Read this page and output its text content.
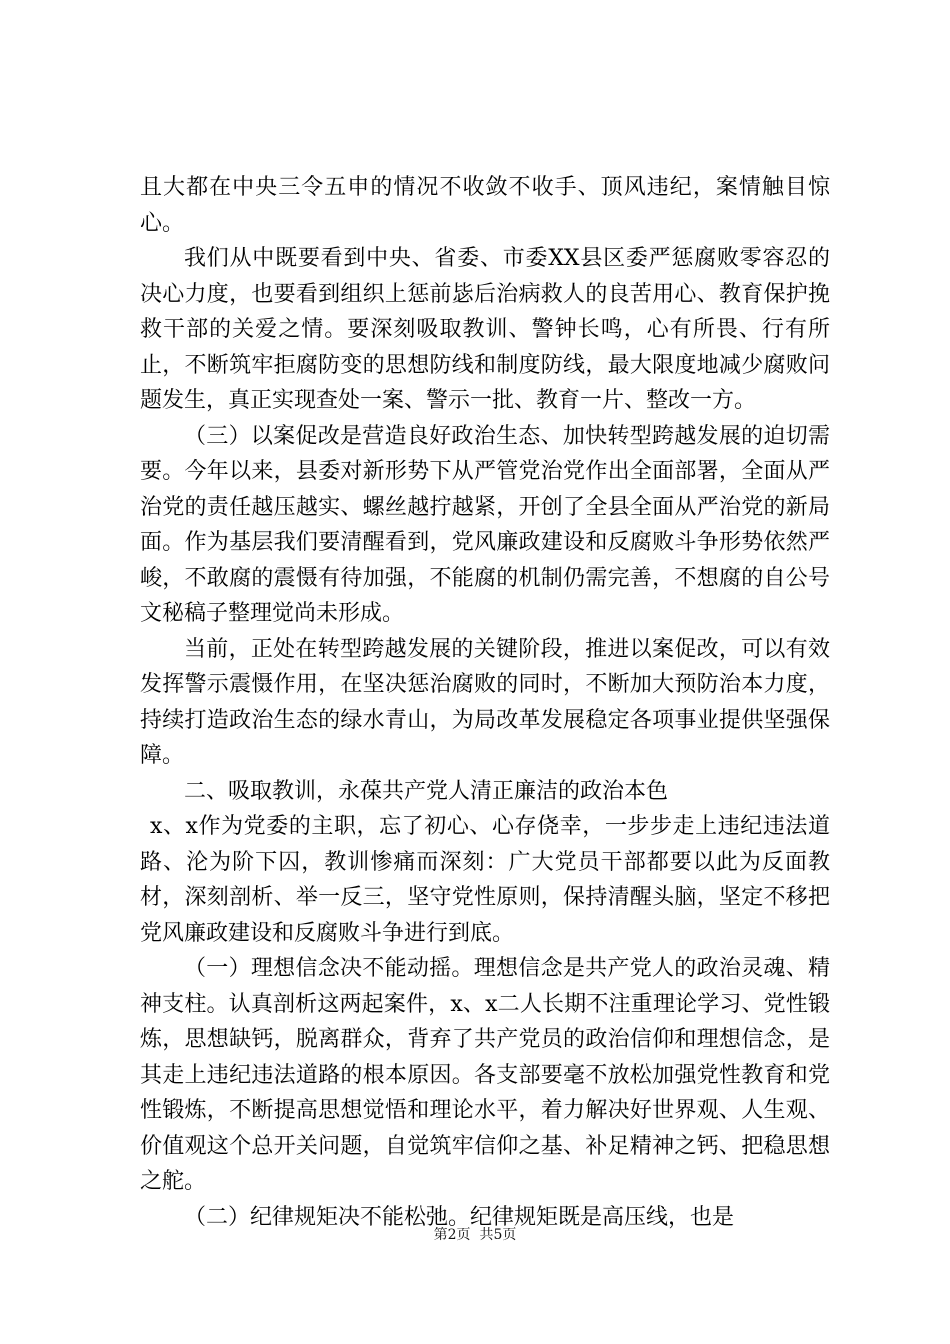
且大都在中央三令五申的情况不收敛不收手、顶风违纪，案情触目惊心。

我们从中既要看到中央、省委、市委XX县区委严惩腐败零容忍的决心力度，也要看到组织上惩前毖后治病救人的良苦用心、教育保护挽救干部的关爱之情。要深刻吸取教训、警钟长鸣，心有所畏、行有所止，不断筑牢拒腐防变的思想防线和制度防线，最大限度地减少腐败问题发生，真正实现查处一案、警示一批、教育一片、整改一方。

（三）以案促改是营造良好政治生态、加快转型跨越发展的迫切需要。今年以来，县委对新形势下从严管党治党作出全面部署，全面从严治党的责任越压越实、螺丝越拧越紧，开创了全县全面从严治党的新局面。作为基层我们要清醒看到，党风廉政建设和反腐败斗争形势依然严峻，不敢腐的震慑有待加强，不能腐的机制仍需完善，不想腐的自公号文秘稿子整理觉尚未形成。

当前，正处在转型跨越发展的关键阶段，推进以案促改，可以有效发挥警示震慑作用，在坚决惩治腐败的同时，不断加大预防治本力度，持续打造政治生态的绿水青山，为局改革发展稳定各项事业提供坚强保障。

二、吸取教训，永葆共产党人清正廉洁的政治本色

x、x作为党委的主职，忘了初心、心存侥幸，一步步走上违纪违法道路、沦为阶下囚，教训惨痛而深刻：广大党员干部都要以此为反面教材，深刻剖析、举一反三，坚守党性原则，保持清醒头脑，坚定不移把党风廉政建设和反腐败斗争进行到底。

（一）理想信念决不能动摇。理想信念是共产党人的政治灵魂、精神支柱。认真剖析这两起案件，x、x二人长期不注重理论学习、党性锻炼，思想缺钙，脱离群众，背弃了共产党员的政治信仰和理想信念，是其走上违纪违法道路的根本原因。各支部要毫不放松加强党性教育和党性锻炼，不断提高思想觉悟和理论水平，着力解决好世界观、人生观、价值观这个总开关问题，自觉筑牢信仰之基、补足精神之钙、把稳思想之舵。

（二）纪律规矩决不能松弛。纪律规矩既是高压线，也是

第2页  共5页
